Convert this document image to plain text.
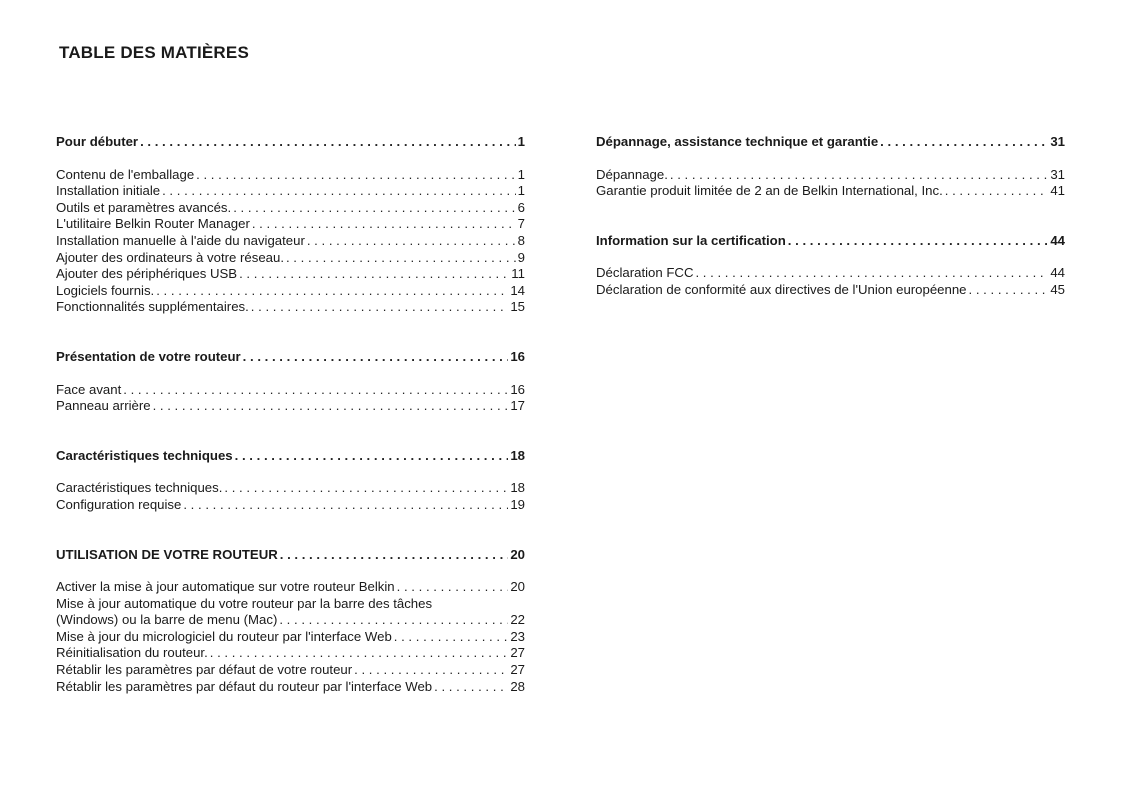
TABLE DES MATIÈRES
Pour débuter . . .	1
Contenu de l'emballage . . .	1
Installation initiale . . .	1
Outils et paramètres avancés. . . .	6
L'utilitaire Belkin Router Manager . . .	7
Installation manuelle à l'aide du navigateur . . .	8
Ajouter des ordinateurs à votre réseau. . . .	9
Ajouter des périphériques USB . . .	11
Logiciels fournis. . . .	14
Fonctionnalités supplémentaires. . . .	15
Présentation de votre routeur . . .	16
Face avant . . .	16
Panneau arrière . . .	17
Caractéristiques techniques . . .	18
Caractéristiques techniques. . . .	18
Configuration requise . . .	19
UTILISATION DE VOTRE ROUTEUR . . .	20
Activer la mise à jour automatique sur votre routeur Belkin . . .	20
Mise à jour automatique du votre routeur par la barre des tâches
(Windows) ou la barre de menu (Mac) . . .	22
Mise à jour du micrologiciel du routeur par l'interface Web . . .	23
Réinitialisation du routeur. . . .	27
Rétablir les paramètres par défaut de votre routeur . . .	27
Rétablir les paramètres par défaut du routeur par l'interface Web . . .	28
Dépannage, assistance technique et garantie . . .	31
Dépannage. . . .	31
Garantie produit limitée de 2 an de Belkin International, Inc. . . .	41
Information sur la certification . . .	44
Déclaration FCC . . .	44
Déclaration de conformité aux directives de l'Union européenne . . .	45
